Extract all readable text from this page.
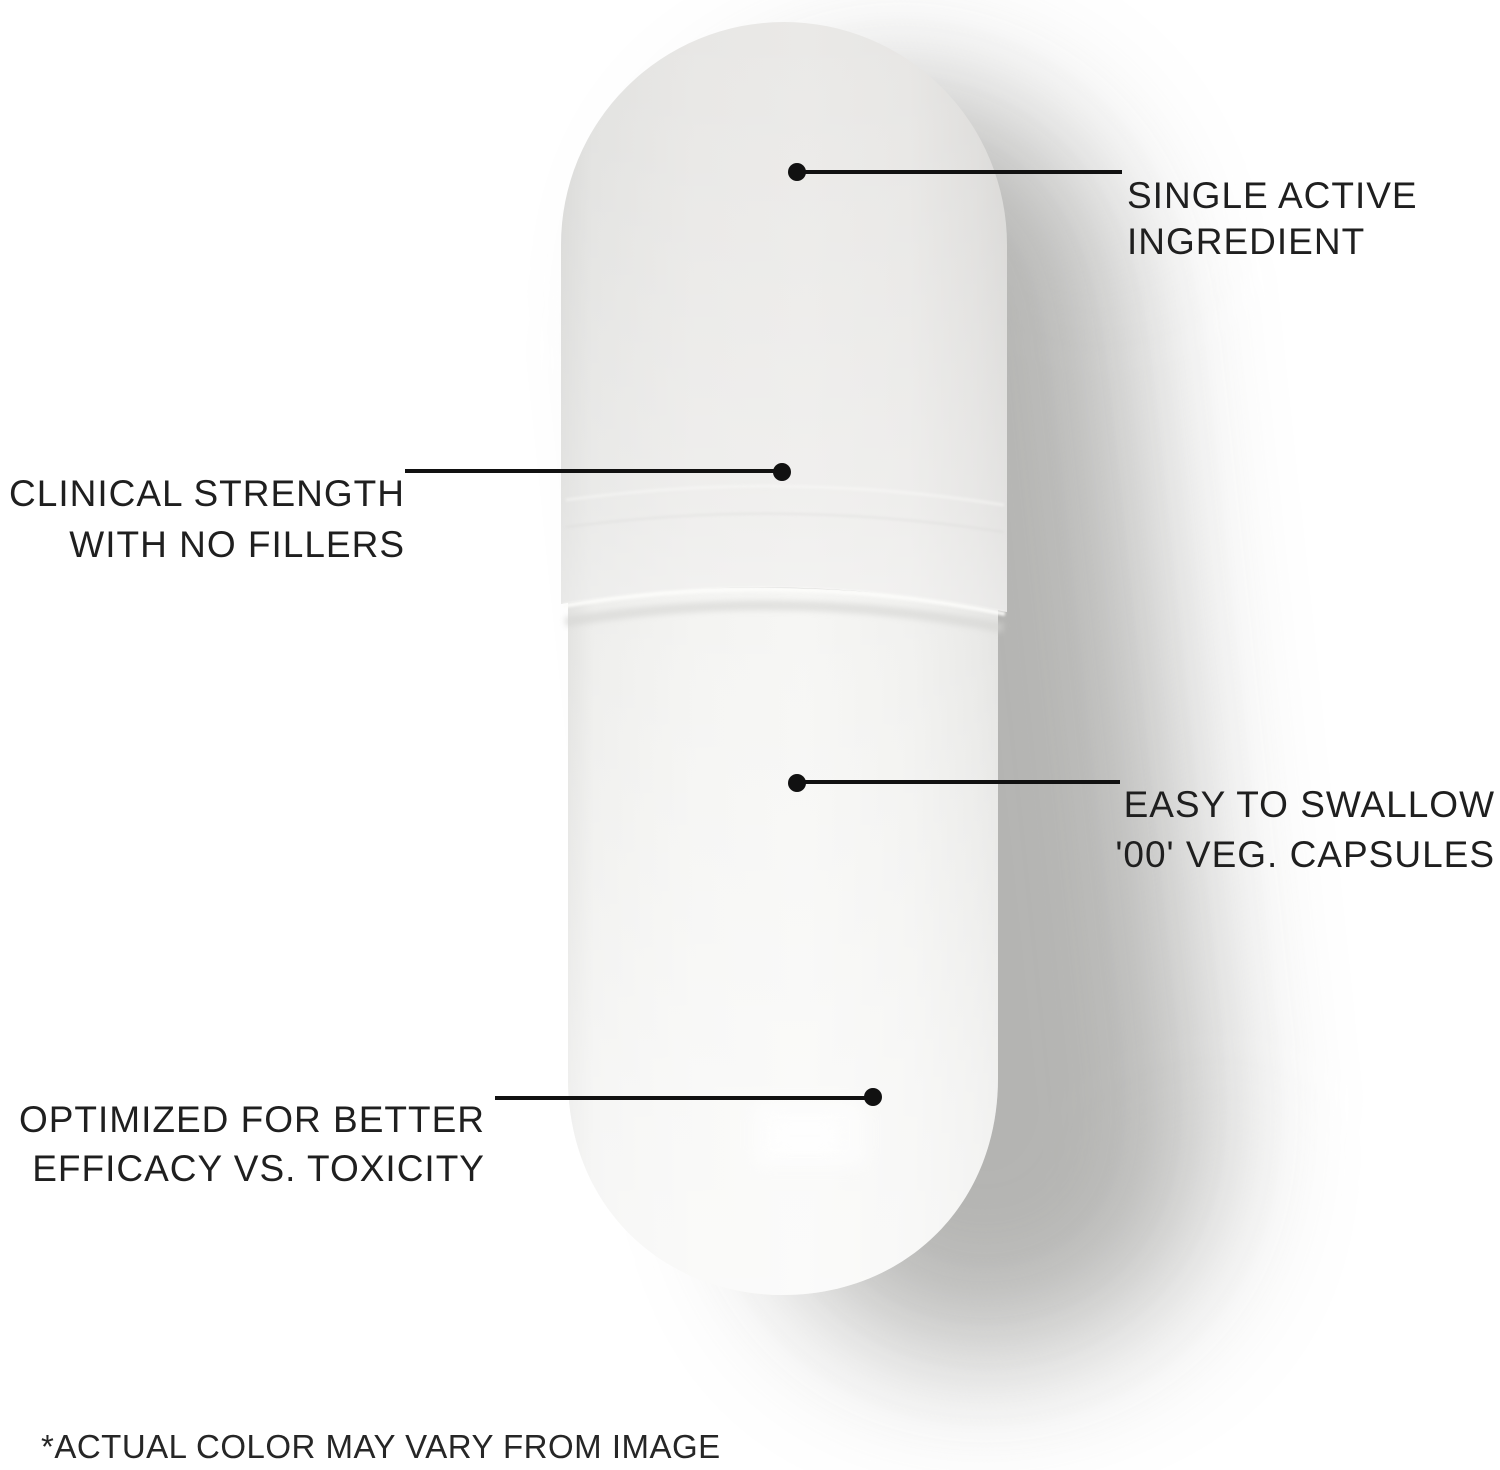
SINGLE ACTIVE
INGREDIENT
CLINICAL STRENGTH
WITH NO FILLERS
EASY TO SWALLOW
'00' VEG. CAPSULES
OPTIMIZED FOR BETTER
EFFICACY VS. TOXICITY
*ACTUAL COLOR MAY VARY FROM IMAGE
